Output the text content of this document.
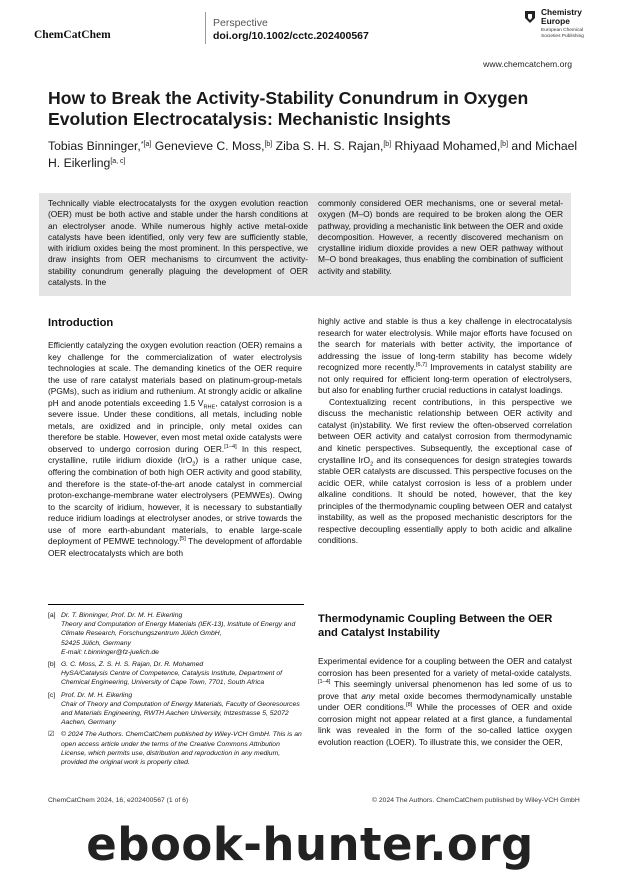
ChemCatChem
Perspective
doi.org/10.1002/cctc.202400567
Chemistry
Europe
European Chemical
Societies Publishing
www.chemcatchem.org
How to Break the Activity-Stability Conundrum in Oxygen Evolution Electrocatalysis: Mechanistic Insights
Tobias Binninger,$^{*[a]}$ Genevieve C. Moss,[b] Ziba S. H. S. Rajan,[b] Rhiyaad Mohamed,[b] and Michael H. Eikerling[a, c]
Technically viable electrocatalysts for the oxygen evolution reaction (OER) must be both active and stable under the harsh conditions at an electrolyser anode. While numerous highly active metal-oxide catalysts have been identified, only very few are sufficiently stable, with iridium oxides being the most prominent. In this perspective, we draw insights from OER mechanisms to circumvent the activity-stability conundrum generally plaguing the development of OER catalysts. In the
commonly considered OER mechanisms, one or several metal-oxygen (M–O) bonds are required to be broken along the OER pathway, providing a mechanistic link between the OER and oxide decomposition. However, a recently discovered mechanism on crystalline iridium dioxide provides a new OER pathway without M–O bond breakages, thus enabling the combination of sufficient activity and stability.
Introduction

Efficiently catalyzing the oxygen evolution reaction (OER) remains a key challenge for the commercialization of water electrolysis technologies at scale. The demanding kinetics of the OER require the use of rare catalyst materials based on platinum-group-metals (PGMs), such as iridium and ruthenium. At strongly acidic or alkaline pH and anode potentials exceeding 1.5 $V_{RHE}$, catalyst corrosion is a severe issue. Under these conditions, all metals, including noble metals, are oxidized and in principle, only metal oxides can therefore be stable. However, even most metal oxide catalysts were observed to undergo corrosion during OER.[1–4] In this respect, crystalline, rutile iridium dioxide (IrO$_2$) is a rather unique case, offering the combination of both high OER activity and good stability, and therefore is the state-of-the-art anode catalyst in commercial proton-exchange-membrane water electrolysers (PEMWEs). Owing to the scarcity of iridium, however, it is necessary to substantially reduce iridium loadings at electrolyser anodes, or strive towards the use of more earth-abundant materials, to enable large-scale deployment of PEMWE technology.[5] The development of affordable OER electrocatalysts which are both

highly active and stable is thus a key challenge in electrocatalysis research for water electrolysis. While major efforts have focused on the search for materials with better activity, the importance of addressing the issue of long-term stability has become widely recognized more recently.[6,7] Improvements in catalyst stability are not only required for efficient long-term operation of electrolysers, but also for enabling further crucial reductions in catalyst loadings.

Contextualizing recent contributions, in this perspective we discuss the mechanistic relationship between OER activity and catalyst (in)stability. We first review the often-observed correlation between OER activity and catalyst corrosion from thermodynamic and kinetic perspectives. Subsequently, the exceptional case of crystalline IrO$_2$ and its consequences for design strategies towards stable OER catalysts are discussed. This perspective focuses on the acidic OER, while catalyst corrosion is less of a problem under alkaline conditions. It should be noted, however, that the key principles of the thermodynamic coupling between OER and catalyst instability, as well as the proposed mechanistic descriptors for the respective decoupling essentially apply to both acidic and alkaline conditions.

Thermodynamic Coupling Between the OER and Catalyst Instability

Experimental evidence for a coupling between the OER and catalyst corrosion has been presented for a variety of metal-oxide catalysts.[1–4] This seemingly universal phenomenon has led some of us to prove that any metal oxide becomes thermodynamically unstable under OER conditions.[8] While the processes of OER and oxide corrosion might not appear related at a first glance, a fundamental link was revealed in the form of the so-called lattice oxygen evolution reaction (LOER). To illustrate this, we consider the OER,

[a] Dr. T. Binninger, Prof. Dr. M. H. Eikerling
Theory and Computation of Energy Materials (IEK-13), Institute of Energy and Climate Research, Forschungszentrum Jülich GmbH,
52425 Jülich, Germany
E-mail: t.binninger@fz-juelich.de
[b] G. C. Moss, Z. S. H. S. Rajan, Dr. R. Mohamed
HySA/Catalysis Centre of Competence, Catalysis Institute, Department of Chemical Engineering, University of Cape Town, 7701, South Africa
[c] Prof. Dr. M. H. Eikerling
Chair of Theory and Computation of Energy Materials, Faculty of Georesources and Materials Engineering, RWTH Aachen University, Intzestrasse 5, 52072 Aachen, Germany
☑ © 2024 The Authors. ChemCatChem published by Wiley-VCH GmbH. This is an open access article under the terms of the Creative Commons Attribution License, which permits use, distribution and reproduction in any medium, provided the original work is properly cited.
ChemCatChem 2024, 16, e202400567 (1 of 6)	© 2024 The Authors. ChemCatChem published by Wiley-VCH GmbH
ebook-hunter.org
